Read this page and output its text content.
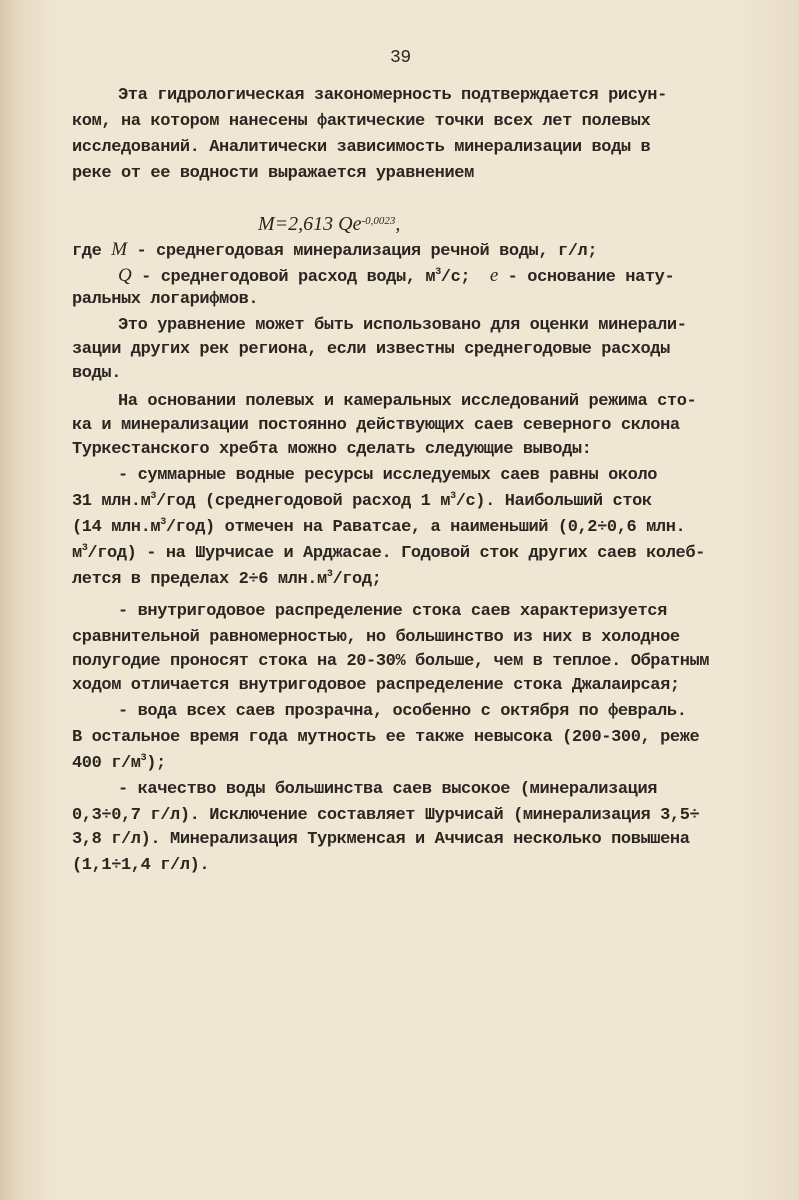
39
Эта гидрологическая закономерность подтверждается рисун-
ком, на котором нанесены фактические точки всех лет полевых
исследований. Аналитически зависимость минерализации воды в
реке от ее водности выражается уравнением

M=2,613 $Qe^{-0,0023}$,

где M - среднегодовая минерализация речной воды, г/л;
Q - среднегодовой расход воды, $м^3/с$;  e - основание нату-
ральных логарифмов.
Это уравнение может быть использовано для оценки минерали-
зации других рек региона, если известны среднегодовые расходы
воды.
На основании полевых и камеральных исследований режима сто-
ка и минерализации постоянно действующих саев северного склона
Туркестанского хребта можно сделать следующие выводы:
- суммарные водные ресурсы исследуемых саев равны около
31 $млн.м^3$/год (среднегодовой расход 1 $м^3/с$). Наибольший сток
(14 $млн.м^3/год$) отмечен на Раватсае, а наименьший (0,2÷0,6 млн.
$м^3/год$) - на Шурчисае и Арджасае. Годовой сток других саев колеб-
лется в пределах 2÷6 $млн.м^3$/год;
- внутригодовое распределение стока саев характеризуется
сравнительной равномерностью, но большинство из них в холодное
полугодие проносят стока на 20-30% больше, чем в теплое. Обратным
ходом отличается внутригодовое распределение стока Джалаирсая;
- вода всех саев прозрачна, особенно с октября по февраль.
В остальное время года мутность ее также невысока (200-300, реже
400 $г/м^3$);
- качество воды большинства саев высокое (минерализация
0,3÷0,7 г/л). Исключение составляет Шурчисай (минерализация 3,5÷
3,8 г/л). Минерализация Туркменсая и Аччисая несколько повышена
(1,1÷1,4 г/л).
